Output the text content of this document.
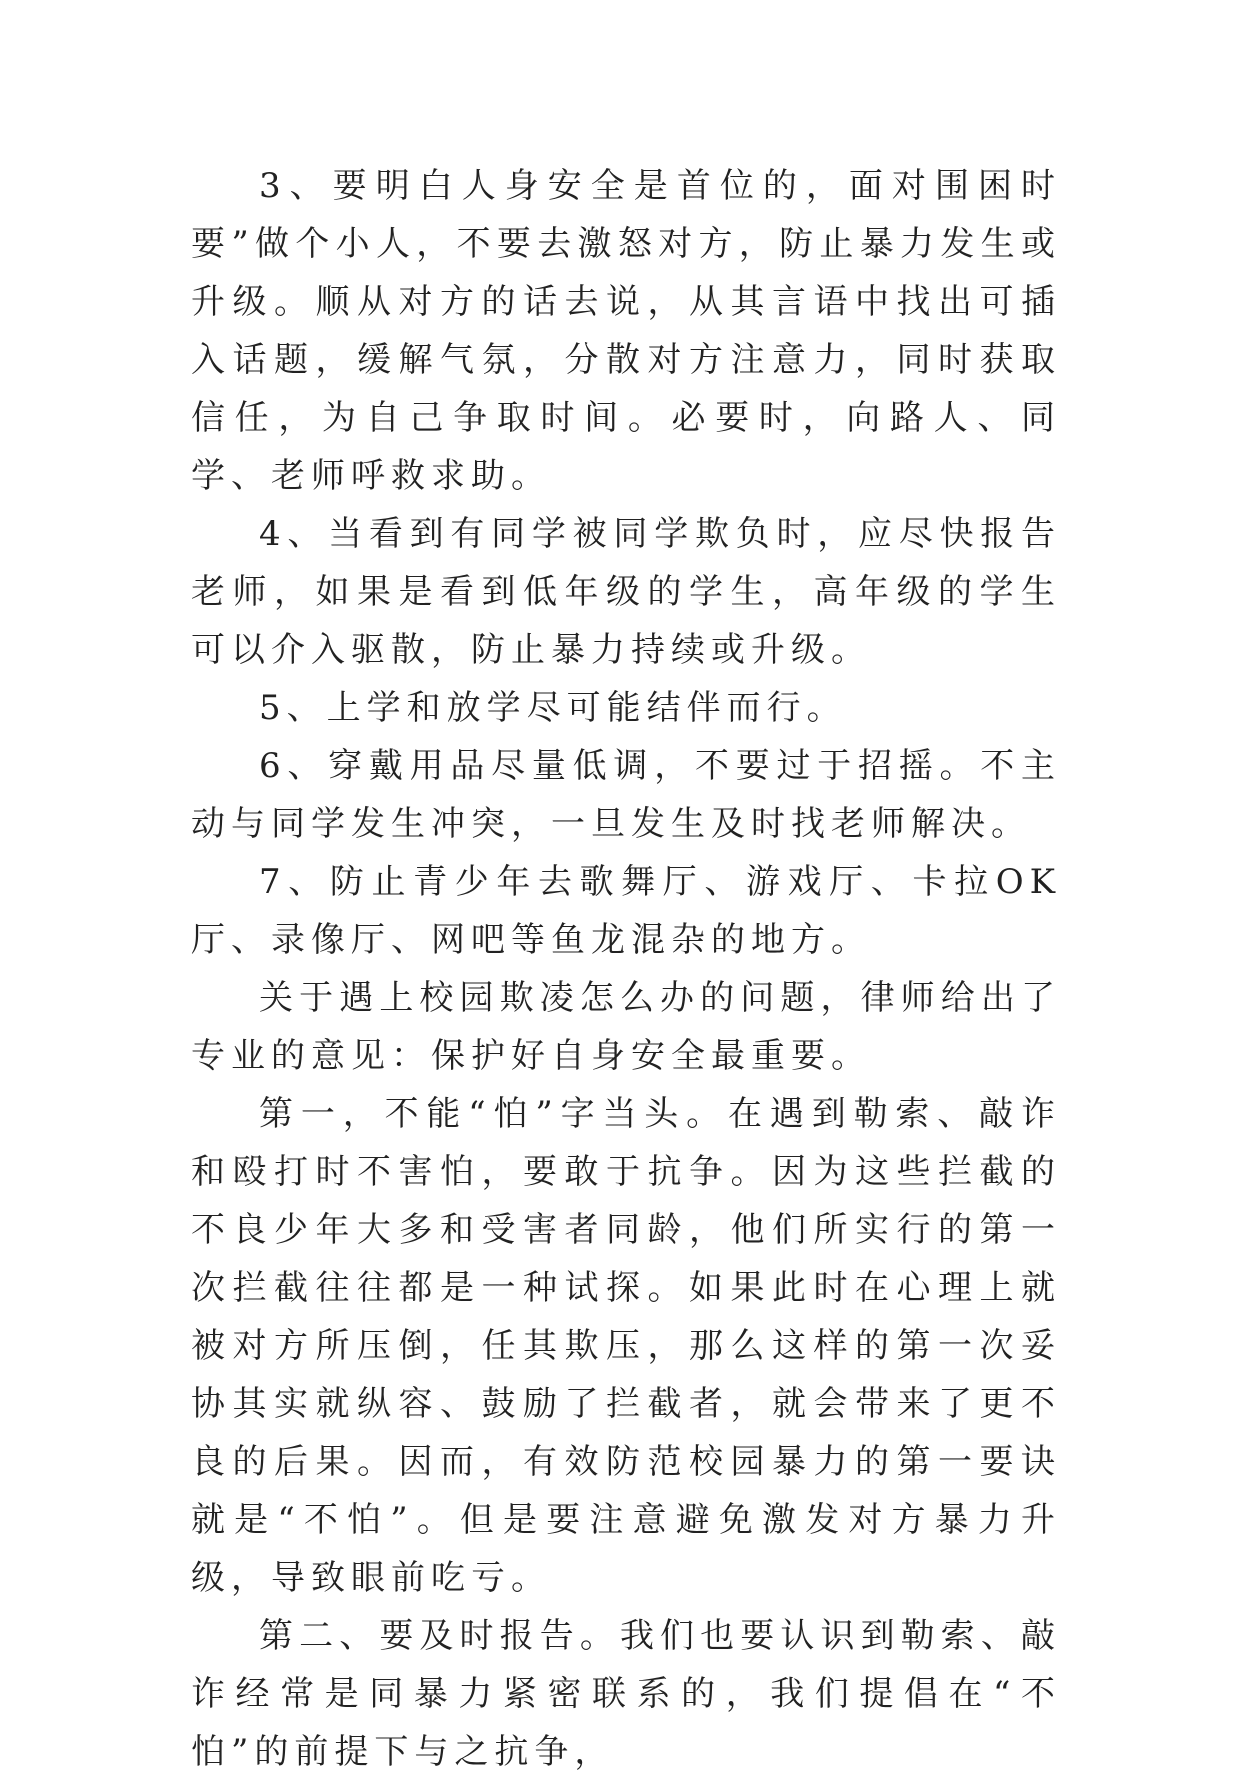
3、要明白人身安全是首位的，面对围困时要”做个小人，不要去激怒对方，防止暴力发生或升级。顺从对方的话去说，从其言语中找出可插入话题，缓解气氛，分散对方注意力，同时获取信任，为自己争取时间。必要时，向路人、同学、老师呼救求助。

4、当看到有同学被同学欺负时，应尽快报告老师，如果是看到低年级的学生，高年级的学生可以介入驱散，防止暴力持续或升级。

5、上学和放学尽可能结伴而行。

6、穿戴用品尽量低调，不要过于招摇。不主动与同学发生冲突，一旦发生及时找老师解决。

7、防止青少年去歌舞厅、游戏厅、卡拉OK厅、录像厅、网吧等鱼龙混杂的地方。

关于遇上校园欺凌怎么办的问题，律师给出了专业的意见：保护好自身安全最重要。

第一，不能“怕”字当头。在遇到勒索、敲诈和殴打时不害怕，要敢于抗争。因为这些拦截的不良少年大多和受害者同龄，他们所实行的第一次拦截往往都是一种试探。如果此时在心理上就被对方所压倒，任其欺压，那么这样的第一次妥协其实就纵容、鼓励了拦截者，就会带来了更不良的后果。因而，有效防范校园暴力的第一要诀就是“不怕”。但是要注意避免激发对方暴力升级，导致眼前吃亏。

第二、要及时报告。我们也要认识到勒索、敲诈经常是同暴力紧密联系的，我们提倡在“不怕”的前提下与之抗争，
